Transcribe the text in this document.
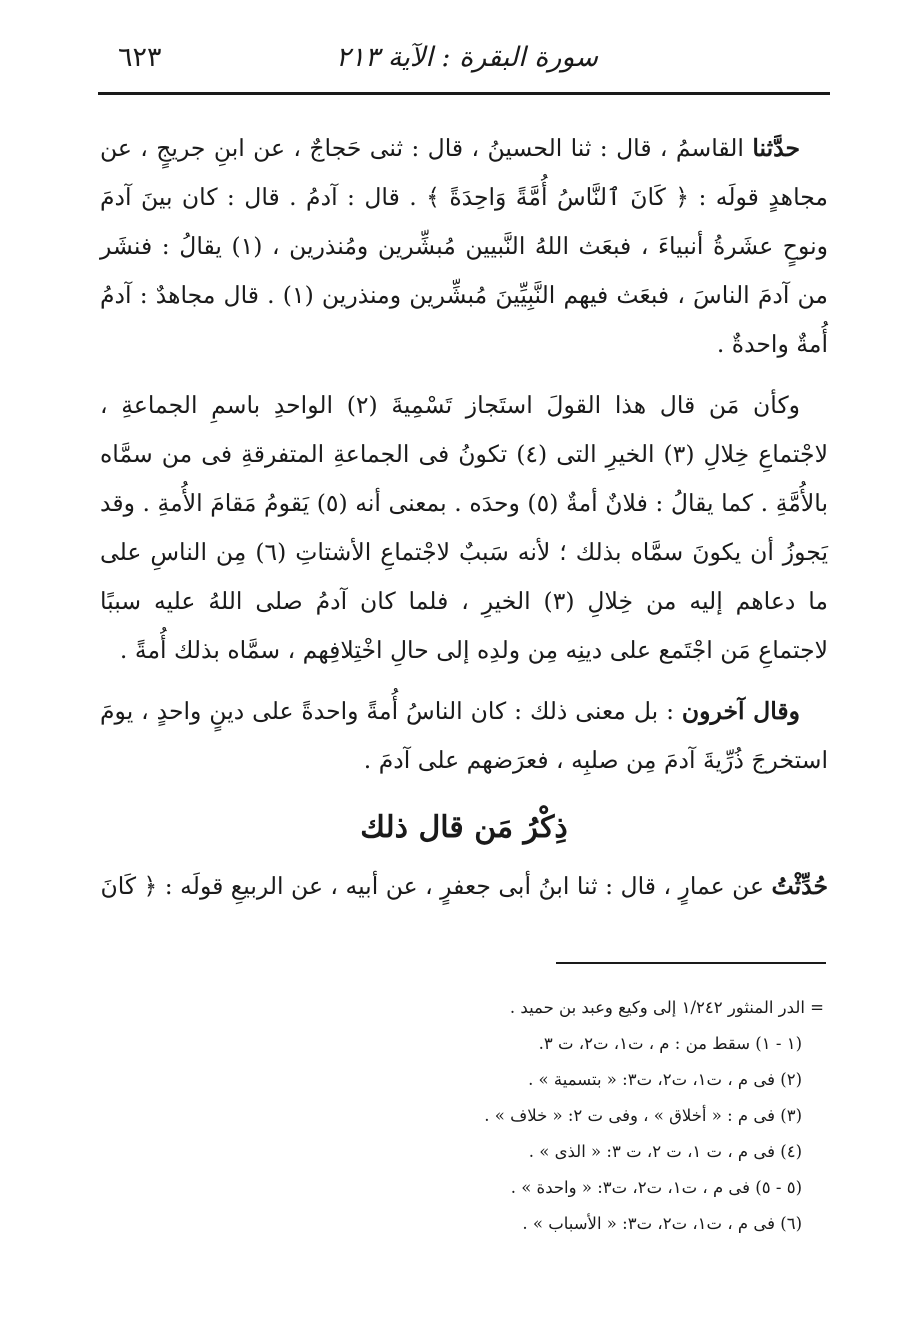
سورة البقرة : الآية ٢١٣
٦٢٣

حدَّثنا القاسمُ ، قال : ثنا الحسينُ ، قال : ثنى حَجاجٌ ، عن ابنِ جريجٍ ، عن مجاهدٍ قولَه : ﴿ كَانَ ٱلنَّاسُ أُمَّةً وَاحِدَةً ﴾ . قال : آدمُ . قال : كان بينَ آدمَ ونوحٍ عشَرةُ أنبياءَ ، فبعَث اللهُ النَّبيين مُبشِّرين ومُنذرين ، (١) يقالُ : فنشَر من آدمَ الناسَ ، فبعَث فيهم النَّبِيِّينَ مُبشِّرين ومنذرين (١) . قال مجاهدٌ : آدمُ أُمةٌ واحدةٌ .

وكأن مَن قال هذا القولَ استَجاز تَسْمِيةَ (٢) الواحدِ باسمِ الجماعةِ ، لاجْتماعِ خِلالِ (٣) الخيرِ التى (٤) تكونُ فى الجماعةِ المتفرقةِ فى من سمَّاه بالأُمَّةِ . كما يقالُ : فلانٌ أمةٌ (٥) وحدَه . بمعنى أنه (٥) يَقومُ مَقامَ الأُمةِ . وقد يَجوزُ أن يكونَ سمَّاه بذلك ؛ لأنه سَببٌ لاجْتماعِ الأشتاتِ (٦) مِن الناسِ على ما دعاهم إليه من خِلالِ (٣) الخيرِ ، فلما كان آدمُ صلى اللهُ عليه سببًا لاجتماعِ مَن اجْتَمع على دينِه مِن ولدِه إلى حالِ اخْتِلافِهم ، سمَّاه بذلك أُمةً .

وقال آخرون : بل معنى ذلك : كان الناسُ أُمةً واحدةً على دينٍ واحدٍ ، يومَ استخرجَ ذُرِّيةَ آدمَ مِن صلبِه ، فعرَضهم على آدمَ .

ذِكْرُ مَن قال ذلك
حُدِّثْتُ عن عمارٍ ، قال : ثنا ابنُ أبى جعفرٍ ، عن أبيه ، عن الربيعِ قولَه : ﴿ كَانَ

= الدر المنثور ١/٢٤٢ إلى وكيع وعبد بن حميد .

(١ - ١) سقط من : م ، ت١، ت٢، ت ٣.

(٢) فى م ، ت١، ت٢، ت٣: « بتسمية » .

(٣) فى م : « أخلاق » ، وفى ت ٢: « خلاف » .

(٤) فى م ، ت ١، ت ٢، ت ٣: « الذى » .

(٥ - ٥) فى م ، ت١، ت٢، ت٣: « واحدة » .

(٦) فى م ، ت١، ت٢، ت٣: « الأسباب » .
